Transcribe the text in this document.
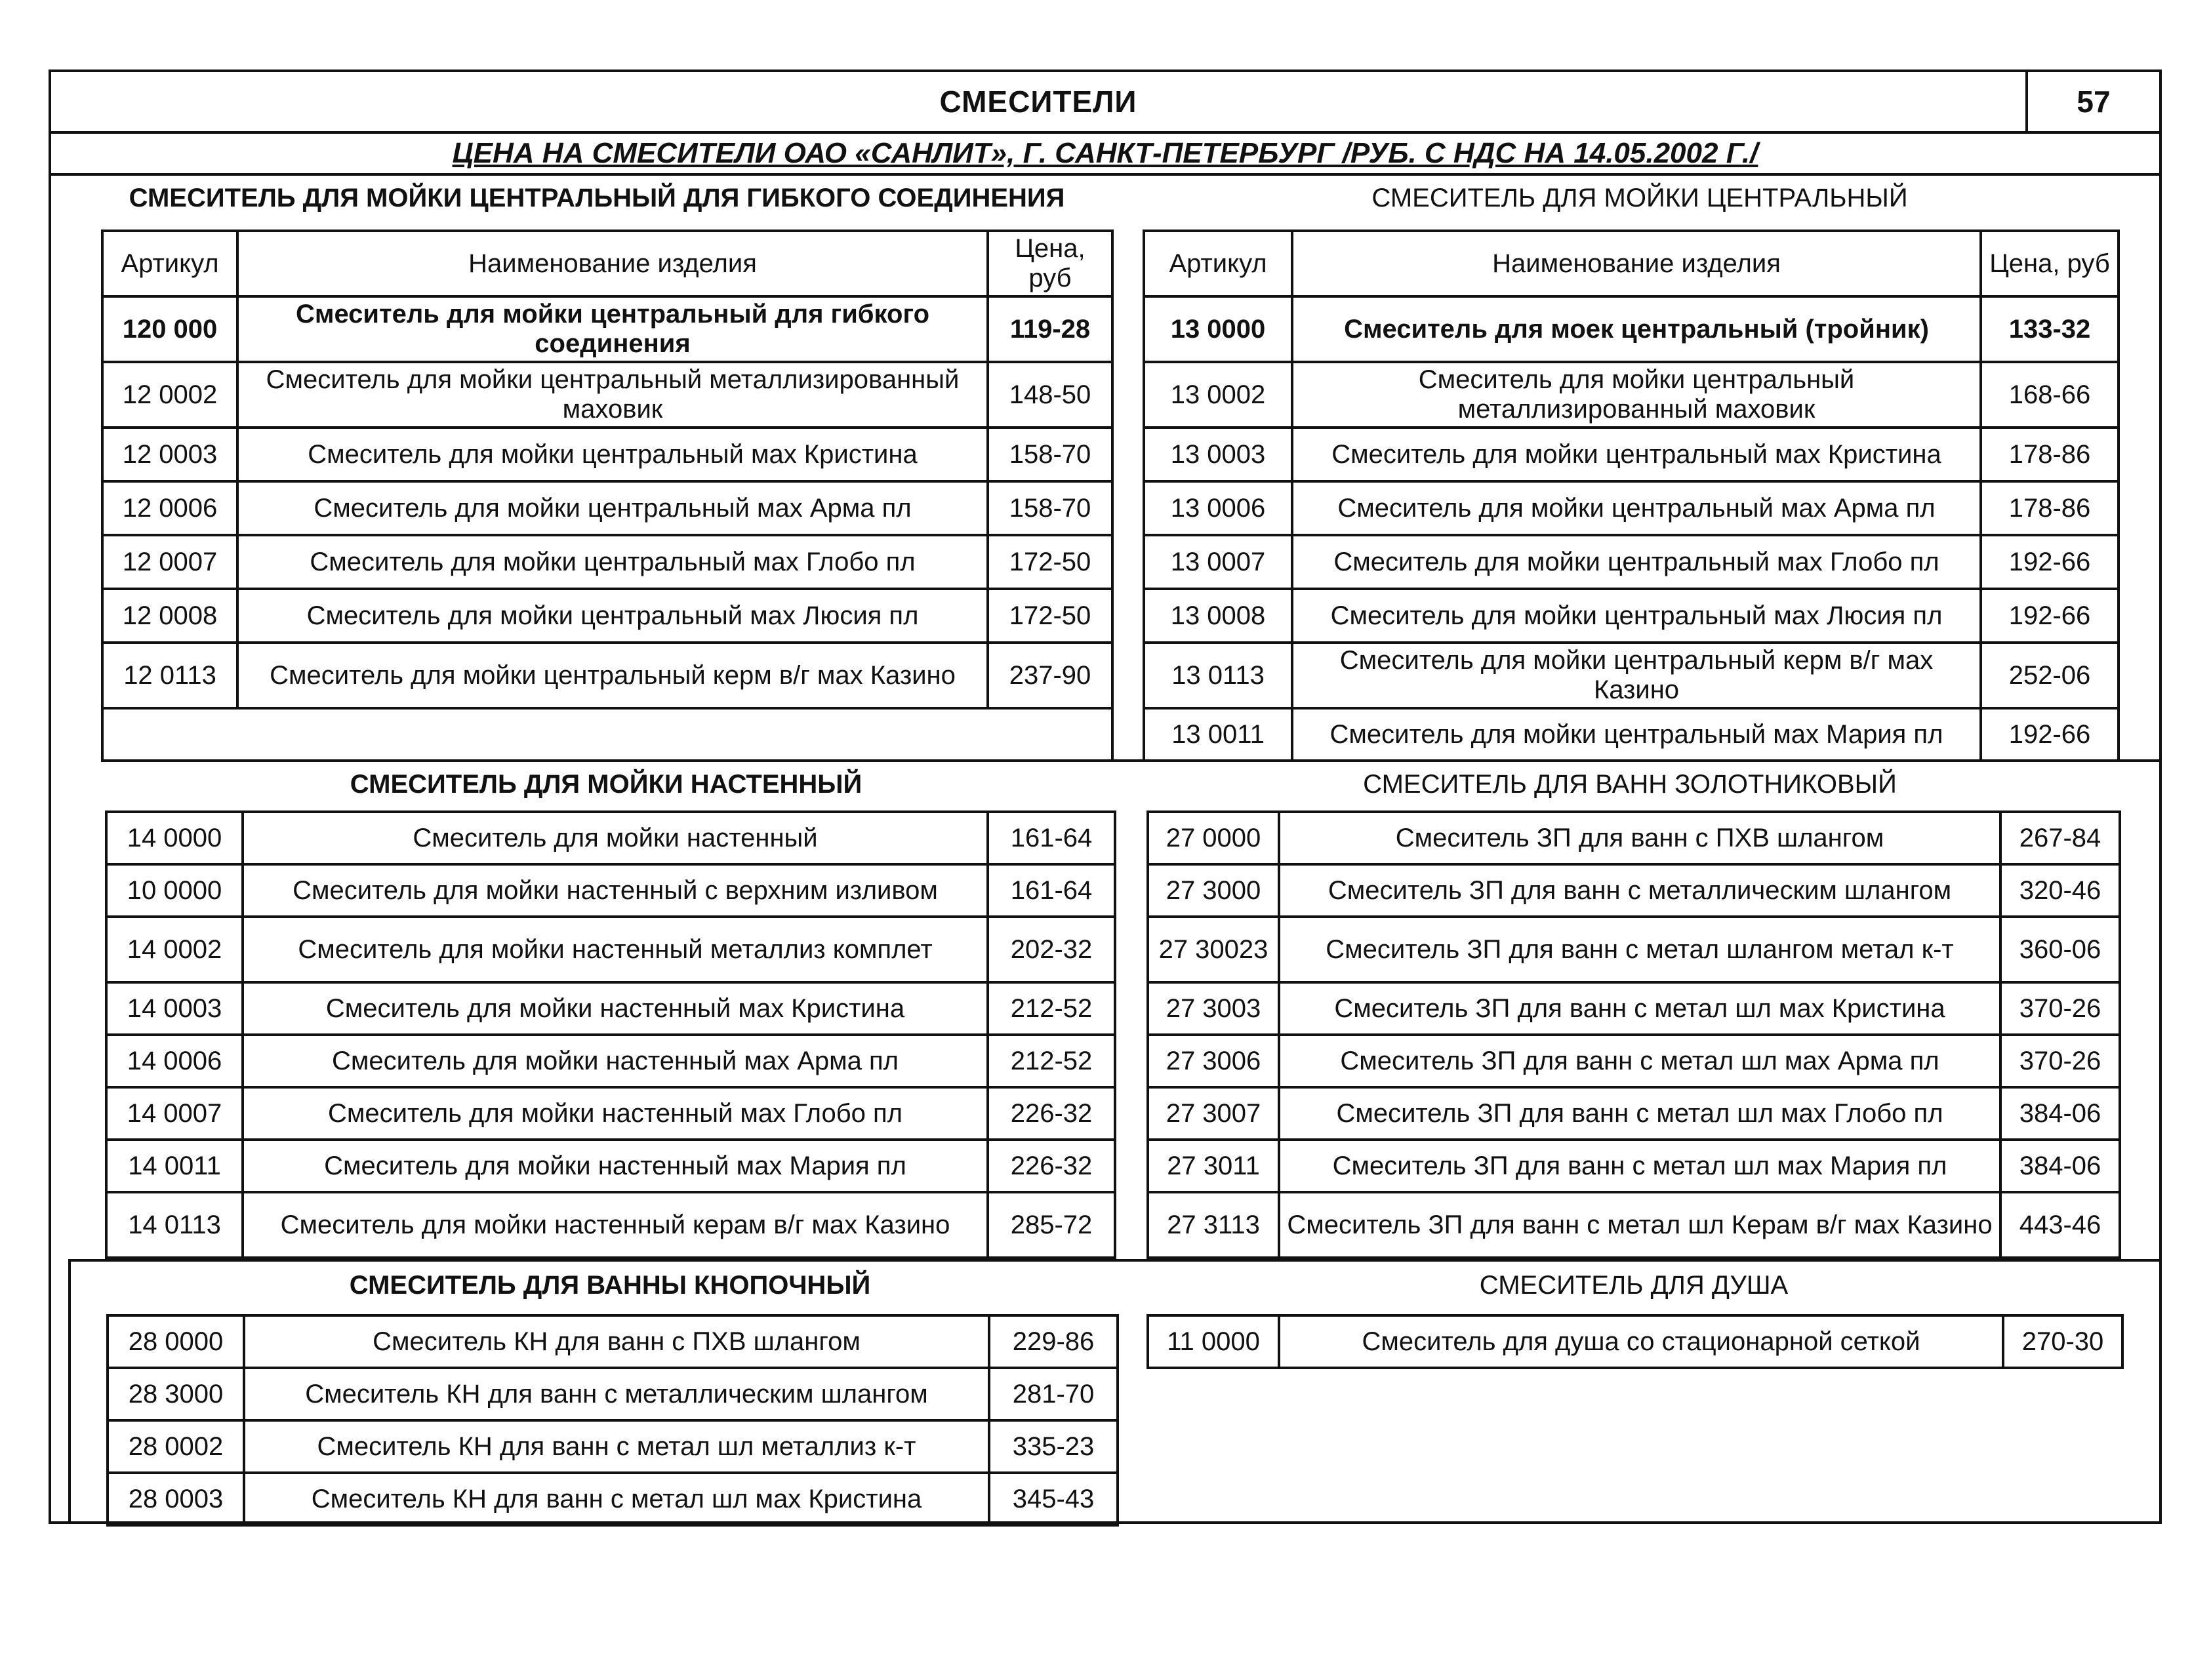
СМЕСИТЕЛИ	57
ЦЕНА НА СМЕСИТЕЛИ ОАО «САНЛИТ», Г. САНКТ-ПЕТЕРБУРГ /РУБ. С НДС НА 14.05.2002 Г./
СМЕСИТЕЛЬ ДЛЯ МОЙКИ ЦЕНТРАЛЬНЫЙ ДЛЯ ГИБКОГО СОЕДИНЕНИЯ	СМЕСИТЕЛЬ ДЛЯ МОЙКИ ЦЕНТРАЛЬНЫЙ
Артикул	Наименование изделия	Цена, руб
120 000	Смеситель для мойки центральный для гибкого соединения	119-28
12 0002	Смеситель для мойки центральный металлизированный маховик	148-50
12 0003	Смеситель для мойки центральный мах Кристина	158-70
12 0006	Смеситель для мойки центральный мах Арма пл	158-70
12 0007	Смеситель для мойки центральный мах Глобо пл	172-50
12 0008	Смеситель для мойки центральный мах Люсия пл	172-50
12 0113	Смеситель для мойки центральный керм в/г мах Казино	237-90

Артикул	Наименование изделия	Цена, руб
13 0000	Смеситель для моек центральный (тройник)	133-32
13 0002	Смеситель для мойки центральный металлизированный маховик	168-66
13 0003	Смеситель для мойки центральный мах Кристина	178-86
13 0006	Смеситель для мойки центральный мах Арма пл	178-86
13 0007	Смеситель для мойки центральный мах Глобо пл	192-66
13 0008	Смеситель для мойки центральный мах Люсия пл	192-66
13 0113	Смеситель для мойки центральный керм в/г мах Казино	252-06
13 0011	Смеситель для мойки центральный мах Мария пл	192-66
СМЕСИТЕЛЬ ДЛЯ МОЙКИ НАСТЕННЫЙ	СМЕСИТЕЛЬ ДЛЯ ВАНН ЗОЛОТНИКОВЫЙ
14 0000	Смеситель для мойки настенный	161-64
10 0000	Смеситель для мойки настенный с верхним изливом	161-64
14 0002	Смеситель для мойки настенный металлиз комплет	202-32
14 0003	Смеситель для мойки настенный мах Кристина	212-52
14 0006	Смеситель для мойки настенный мах Арма пл	212-52
14 0007	Смеситель для мойки настенный мах Глобо пл	226-32
14 0011	Смеситель для мойки настенный мах Мария пл	226-32
14 0113	Смеситель для мойки настенный керам в/г мах Казино	285-72
27 0000	Смеситель ЗП для ванн с ПХВ шлангом	267-84
27 3000	Смеситель ЗП для ванн с металлическим шлангом	320-46
27 30023	Смеситель ЗП для ванн с метал шлангом метал к-т	360-06
27 3003	Смеситель ЗП для ванн с метал шл мах Кристина	370-26
27 3006	Смеситель ЗП для ванн с метал шл мах Арма пл	370-26
27 3007	Смеситель ЗП для ванн с метал шл мах Глобо пл	384-06
27 3011	Смеситель ЗП для ванн с метал шл мах Мария пл	384-06
27 3113	Смеситель ЗП для ванн с метал шл Керам в/г мах Казино	443-46
СМЕСИТЕЛЬ ДЛЯ ВАННЫ КНОПОЧНЫЙ	СМЕСИТЕЛЬ ДЛЯ ДУША
28 0000	Смеситель КН для ванн с ПХВ шлангом	229-86
28 3000	Смеситель КН для ванн с металлическим шлангом	281-70
28 0002	Смеситель КН для ванн с метал шл металлиз к-т	335-23
28 0003	Смеситель КН для ванн с метал шл мах Кристина	345-43
11 0000	Смеситель для душа со стационарной сеткой	270-30
